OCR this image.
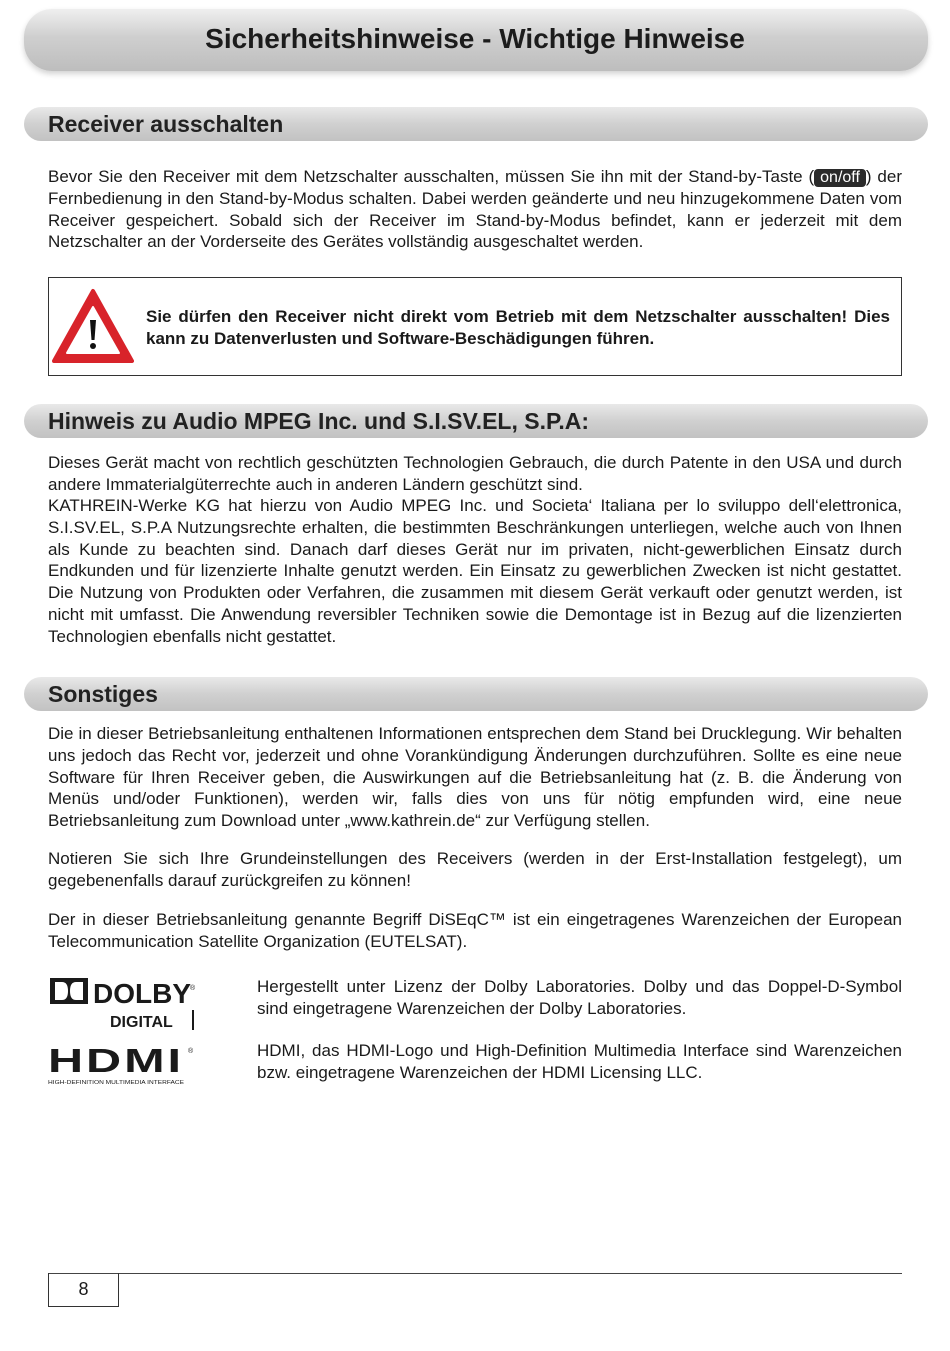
Sicherheitshinweise - Wichtige Hinweise
Receiver ausschalten
Bevor Sie den Receiver mit dem Netzschalter ausschalten, müssen Sie ihn mit der Stand-by-Taste ( on/off ) der Fernbedienung in den Stand-by-Modus schalten. Dabei werden geänderte und neu hinzugekommene Daten vom Receiver gespeichert. Sobald sich der Receiver im Stand-by-Modus befindet, kann er jederzeit mit dem Netzschalter an der Vorderseite des Gerätes vollständig ausgeschaltet werden.
Sie dürfen den Receiver nicht direkt vom Betrieb mit dem Netzschalter ausschalten! Dies kann zu Datenverlusten und Software-Beschädigungen führen.
Hinweis zu Audio MPEG Inc. und S.I.SV.EL, S.P.A:
Dieses Gerät macht von rechtlich geschützten Technologien Gebrauch, die durch Patente in den USA und durch andere Immaterialgüterrechte auch in anderen Ländern geschützt sind.
KATHREIN-Werke KG hat hierzu von Audio MPEG Inc. und Societa‘ Italiana per lo sviluppo dell‘elettronica, S.I.SV.EL, S.P.A Nutzungsrechte erhalten, die bestimmten Beschränkungen unterliegen, welche auch von Ihnen als Kunde zu beachten sind. Danach darf dieses Gerät nur im privaten, nicht-gewerblichen Einsatz durch Endkunden und für lizenzierte Inhalte genutzt werden. Ein Einsatz zu gewerblichen Zwecken ist nicht gestattet. Die Nutzung von Produkten oder Verfahren, die zusammen mit diesem Gerät verkauft oder genutzt werden, ist nicht mit umfasst. Die Anwendung reversibler Techniken sowie die Demontage ist in Bezug auf die lizenzierten Technologien ebenfalls nicht gestattet.
Sonstiges
Die in dieser Betriebsanleitung enthaltenen Informationen entsprechen dem Stand bei Drucklegung. Wir behalten uns jedoch das Recht vor, jederzeit und ohne Vorankündigung Änderungen durchzuführen. Sollte es eine neue Software für Ihren Receiver geben, die Auswirkungen auf die Betriebsanleitung hat (z. B. die Änderung von Menüs und/oder Funktionen), werden wir, falls dies von uns für nötig empfunden wird, eine neue Betriebsanleitung zum Download unter „www.kathrein.de“ zur Verfügung stellen.
Notieren Sie sich Ihre Grundeinstellungen des Receivers (werden in der Erst-Installation festgelegt), um gegebenenfalls darauf zurückgreifen zu können!
Der in dieser Betriebsanleitung genannte Begriff DiSEqC™ ist ein eingetragenes Warenzeichen der European Telecommunication Satellite Organization (EUTELSAT).
DOLBY ®
DIGITAL
HDMI ®
HIGH-DEFINITION MULTIMEDIA INTERFACE
Hergestellt unter Lizenz der Dolby Laboratories. Dolby und das Doppel-D-Symbol sind eingetragene Warenzeichen der Dolby Laboratories.
HDMI, das HDMI-Logo und High-Definition Multimedia Interface sind Warenzeichen bzw. eingetragene Warenzeichen der HDMI Licensing LLC.
8
